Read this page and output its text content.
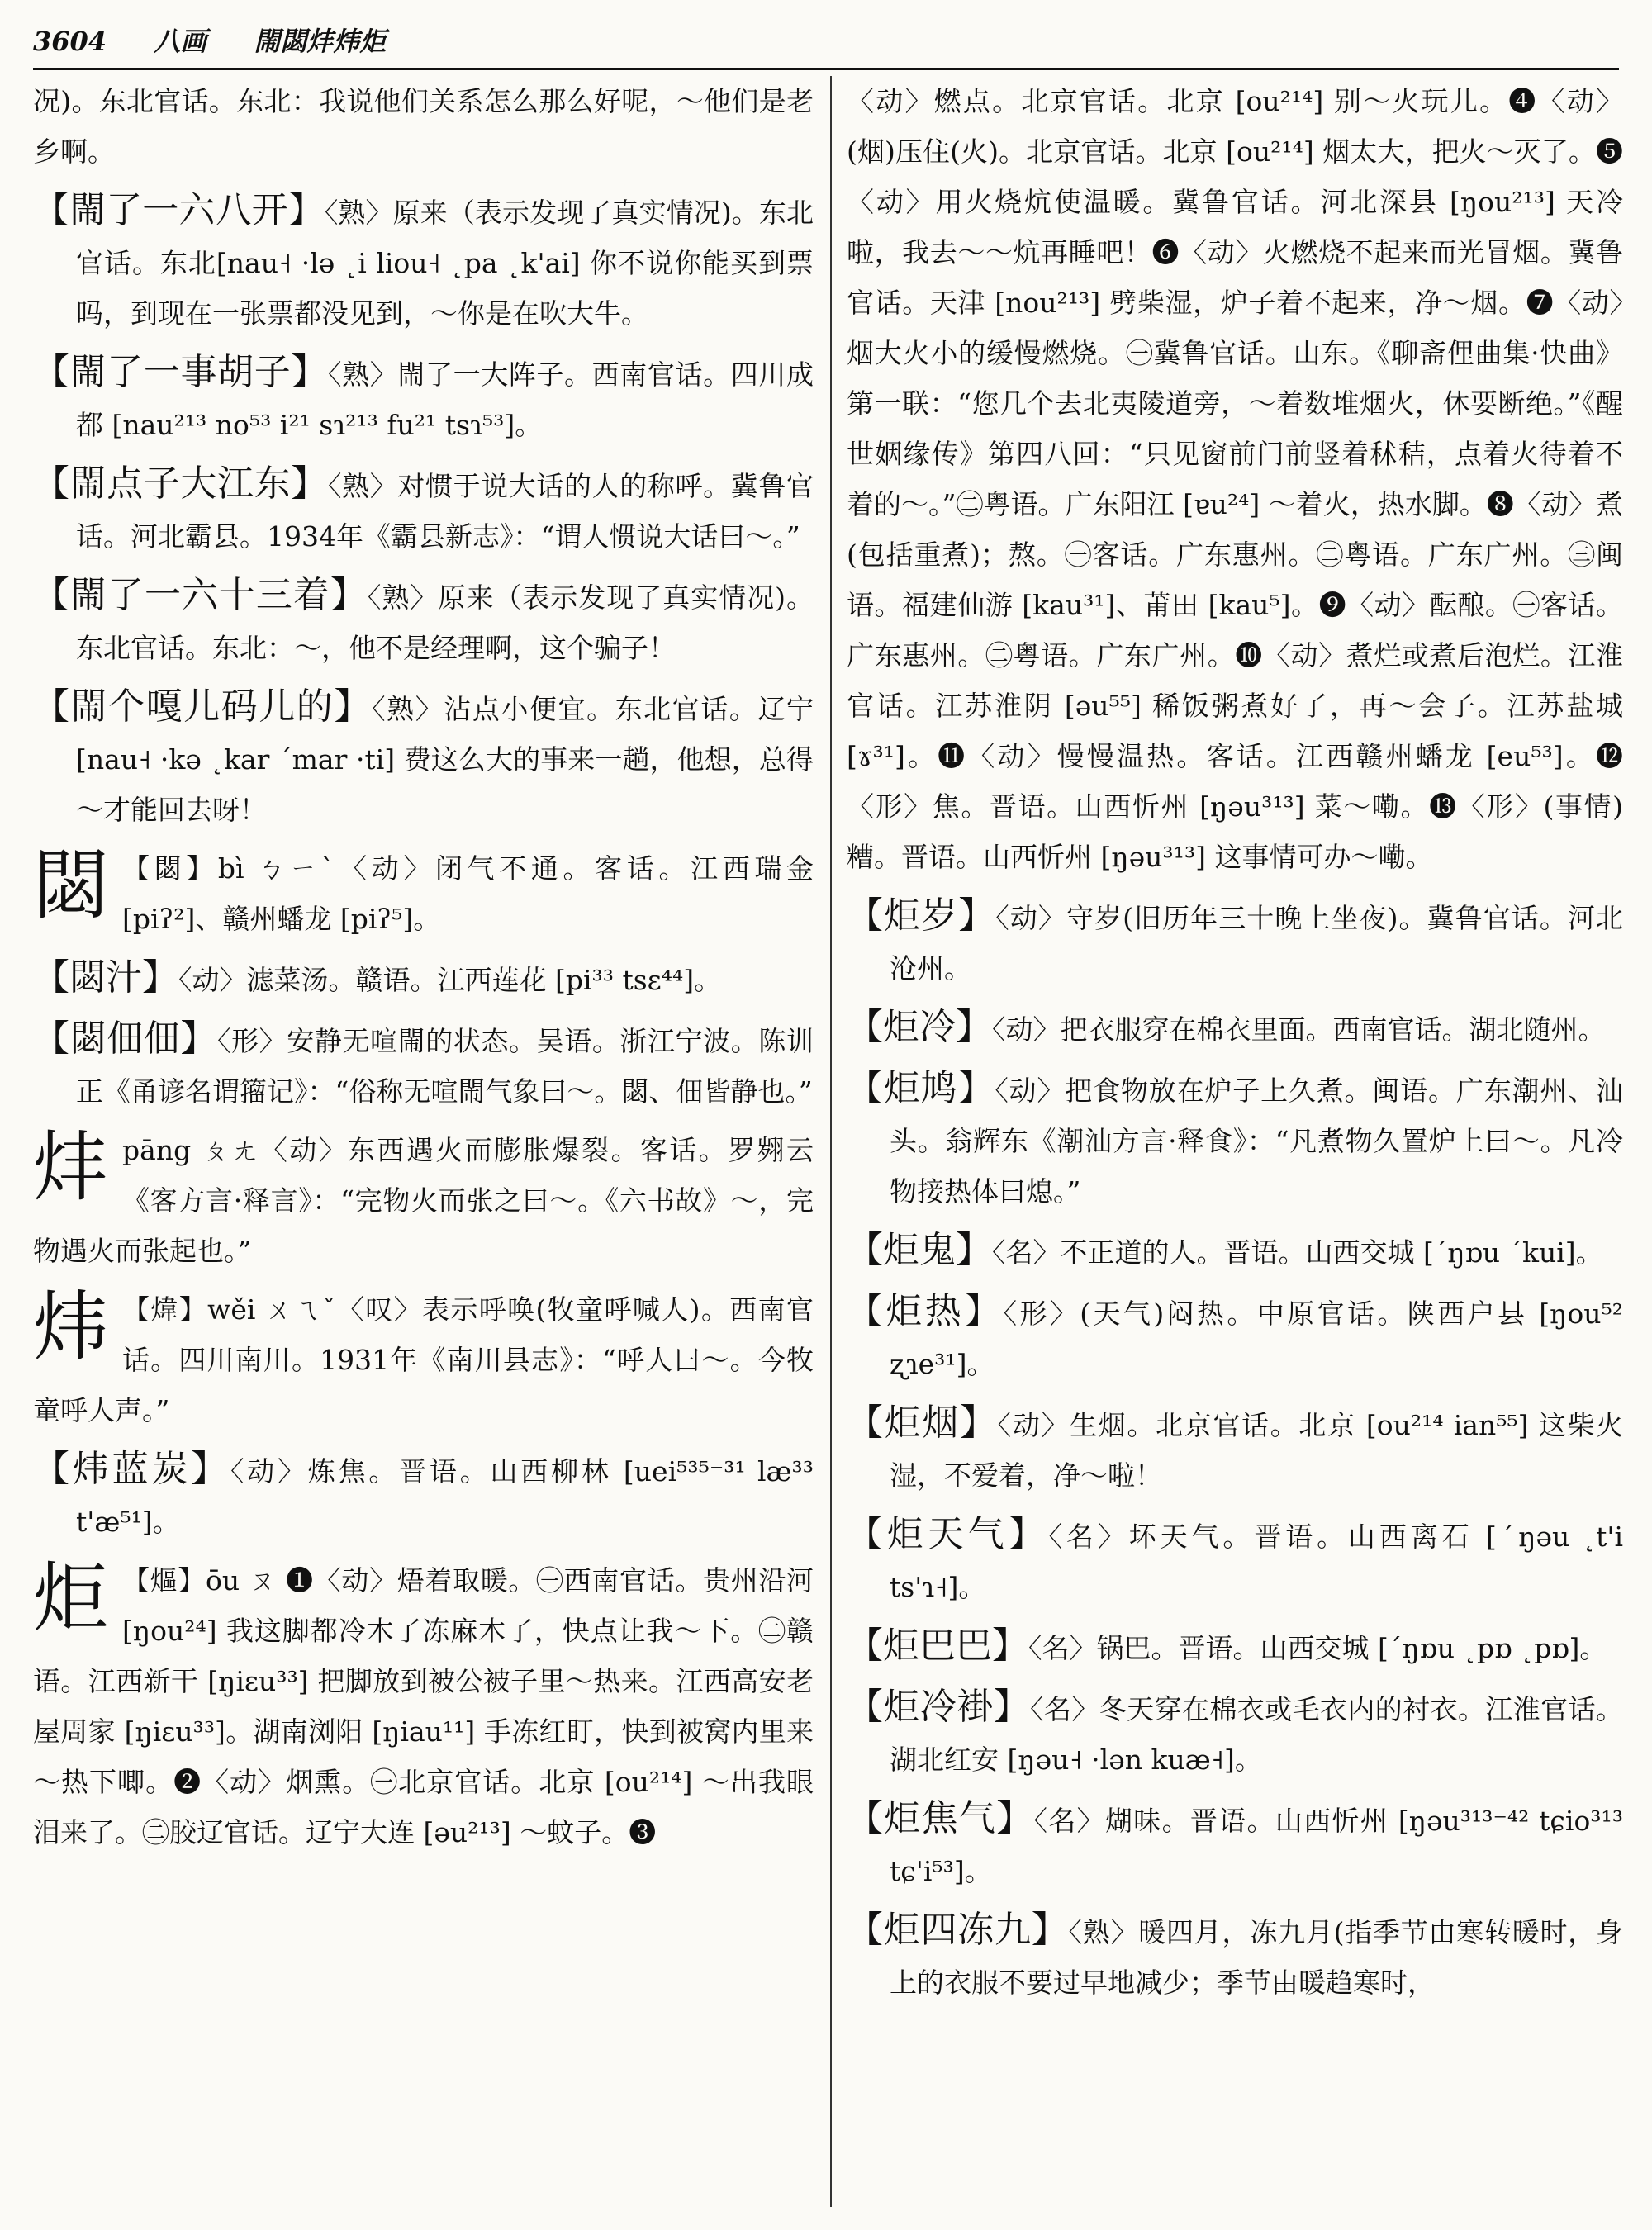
3604 八画 閙閟炐炜炬
况)。东北官话。东北：我说他们关系怎么那么好呢，～他们是老乡啊。
【閙了一六八开】〈熟〉原来（表示发现了真实情况)。东北官话。东北[nau˧ ·lə ˛i liou˧ ˛pa ˛k'ai] 你不说你能买到票吗，到现在一张票都没见到，～你是在吹大牛。
【閙了一事胡子】〈熟〉閙了一大阵子。西南官话。四川成都 [nau²¹³ no⁵³ i²¹ sɿ²¹³ fu²¹ tsɿ⁵³]。
【閙点子大江东】〈熟〉对惯于说大话的人的称呼。冀鲁官话。河北霸县。1934年《霸县新志》：“谓人惯说大话曰～。”
【閙了一六十三着】〈熟〉原来（表示发现了真实情况)。东北官话。东北：～，他不是经理啊，这个骗子！
【閙个嘎儿码儿的】〈熟〉沾点小便宜。东北官话。辽宁 [nau˧ ·kə ˛kar ˊmar ·ti] 费这么大的事来一趟，他想，总得～才能回去呀！
閟 【閟】bì ㄅㄧˋ〈动〉闭气不通。客话。江西瑞金 [piʔ²]、赣州蟠龙 [piʔ⁵]。
【閟汁】〈动〉滤菜汤。赣语。江西莲花 [pi³³ tsɛ⁴⁴]。
【閟佃佃】〈形〉安静无喧閙的状态。吴语。浙江宁波。陈训正《甬谚名谓籀记》：“俗称无喧閙气象曰～。閟、佃皆静也。”
炐pāng ㄆㄤ〈动〉东西遇火而膨胀爆裂。客话。罗翙云《客方言·释言》：“完物火而张之曰～。《六书故》～，完物遇火而张起也。”
炜 【煒】wěi ㄨㄟˇ〈叹〉表示呼唤(牧童呼喊人)。西南官话。四川南川。1931年《南川县志》：“呼人曰～。今牧童呼人声。”
【炜蓝炭】〈动〉炼焦。晋语。山西柳林 [uei⁵³⁵⁻³¹ læ³³ t'æ⁵¹]。
炬 【熰】ōu ㄡ ❶〈动〉焐着取暖。㊀西南官话。贵州沿河 [ŋou²⁴] 我这脚都冷木了冻麻木了，快点让我～下。㊁赣语。江西新干 [ŋiɛu³³] 把脚放到被公被子里～热来。江西高安老屋周家 [ŋiɛu³³]。湖南浏阳 [ŋiau¹¹] 手冻红盯，快到被窝内里来～热下唧。❷〈动〉烟熏。㊀北京官话。北京 [ou²¹⁴] ～出我眼泪来了。㊁胶辽官话。辽宁大连 [əu²¹³] ～蚊子。❸
〈动〉燃点。北京官话。北京 [ou²¹⁴] 别～火玩儿。❹〈动〉(烟)压住(火)。北京官话。北京 [ou²¹⁴] 烟太大，把火～灭了。❺〈动〉用火烧炕使温暖。冀鲁官话。河北深县 [ŋou²¹³] 天冷啦，我去～～炕再睡吧！❻〈动〉火燃烧不起来而光冒烟。冀鲁官话。天津 [nou²¹³] 劈柴湿，炉子着不起来，净～烟。❼〈动〉烟大火小的缓慢燃烧。㊀冀鲁官话。山东。《聊斋俚曲集·快曲》第一联：“您几个去北夷陵道旁，～着数堆烟火，休要断绝。”《醒世姻缘传》第四八回：“只见窗前门前竖着秫秸，点着火待着不着的～。”㊁粤语。广东阳江 [ɐu²⁴] ～着火，热水脚。❽〈动〉煮(包括重煮)；熬。㊀客话。广东惠州。㊁粤语。广东广州。㊂闽语。福建仙游 [kau³¹]、莆田 [kau⁵]。❾〈动〉酝酿。㊀客话。广东惠州。㊁粤语。广东广州。❿〈动〉煮烂或煮后泡烂。江淮官话。江苏淮阴 [əu⁵⁵] 稀饭粥煮好了，再～会子。江苏盐城 [ɤ³¹]。⓫〈动〉慢慢温热。客话。江西赣州蟠龙 [eu⁵³]。⓬〈形〉焦。晋语。山西忻州 [ŋəu³¹³] 菜～嘞。⓭〈形〉(事情)糟。晋语。山西忻州 [ŋəu³¹³] 这事情可办～嘞。
【炬岁】〈动〉守岁(旧历年三十晚上坐夜)。冀鲁官话。河北沧州。
【炬冷】〈动〉把衣服穿在棉衣里面。西南官话。湖北随州。
【炬鸠】〈动〉把食物放在炉子上久煮。闽语。广东潮州、汕头。翁辉东《潮汕方言·释食》：“凡煮物久置炉上曰～。凡冷物接热体曰熄。”
【炬鬼】〈名〉不正道的人。晋语。山西交城 [ˊŋɒu ˊkui]。
【炬热】〈形〉(天气)闷热。中原官话。陕西户县 [ŋou⁵² ʐɿe³¹]。
【炬烟】〈动〉生烟。北京官话。北京 [ou²¹⁴ ian⁵⁵] 这柴火湿，不爱着，净～啦！
【炬天气】〈名〉坏天气。晋语。山西离石 [ˊŋəu ˛t'i ts'ɿ˧]。
【炬巴巴】〈名〉锅巴。晋语。山西交城 [ˊŋɒu ˛pɒ ˛pɒ]。
【炬冷褂】〈名〉冬天穿在棉衣或毛衣内的衬衣。江淮官话。湖北红安 [ŋəu˧ ·lən kuæ˧]。
【炬焦气】〈名〉煳味。晋语。山西忻州 [ŋəu³¹³⁻⁴² tɕio³¹³ tɕ'i⁵³]。
【炬四冻九】〈熟〉暖四月，冻九月(指季节由寒转暖时，身上的衣服不要过早地减少；季节由暖趋寒时，
